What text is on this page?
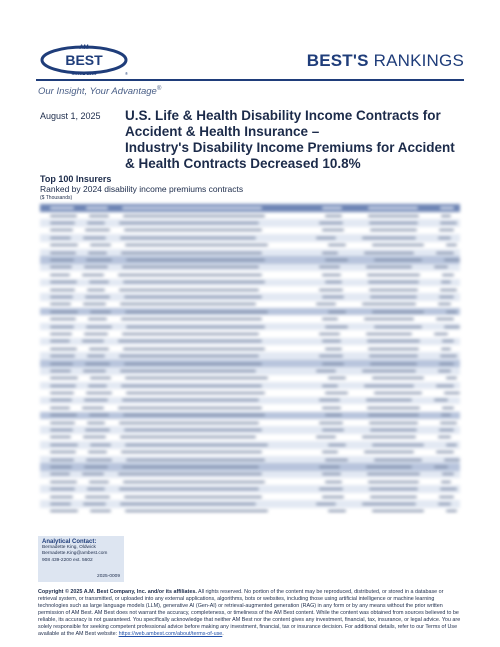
AM
BEST
SINCE 1899	®
BEST'S RANKINGS
Our Insight, Your Advantage®
August 1, 2025 U.S. Life & Health Disability Income Contracts for
Accident & Health Insurance –
Industry's Disability Income Premiums for Accident
& Health Contracts Decreased 10.8%
Top 100 Insurers
Ranked by 2024 disability income premiums contracts
($ Thousands)
Analytical Contact:
Bernadette King, Oldwick
Bernadette.King@ambest.com
908 439-2200 ext. 5602
2025-0009
Copyright © 2025 A.M. Best Company, Inc. and/or its affiliates. All rights reserved. No portion of the content may be reproduced, distributed, or stored in a database or retrieval system, or transmitted, or uploaded into any external applications, algorithms, bots or websites, including those using artificial intelligence or machine learning technologies such as large language models (LLM), generative AI (Gen-AI) or retrieval-augmented generation (RAG) in any form or by any means without the prior written permission of AM Best. AM Best does not warrant the accuracy, completeness, or timeliness of the AM Best content. While the content was obtained from sources believed to be reliable, its accuracy is not guaranteed. You specifically acknowledge that neither AM Best nor the content gives any investment, financial, tax, insurance, or legal advice. You are solely responsible for seeking competent professional advice before making any investment, financial, tax or insurance decision. For additional details, refer to our Terms of Use available at the AM Best website: https://web.ambest.com/about/terms-of-use.
